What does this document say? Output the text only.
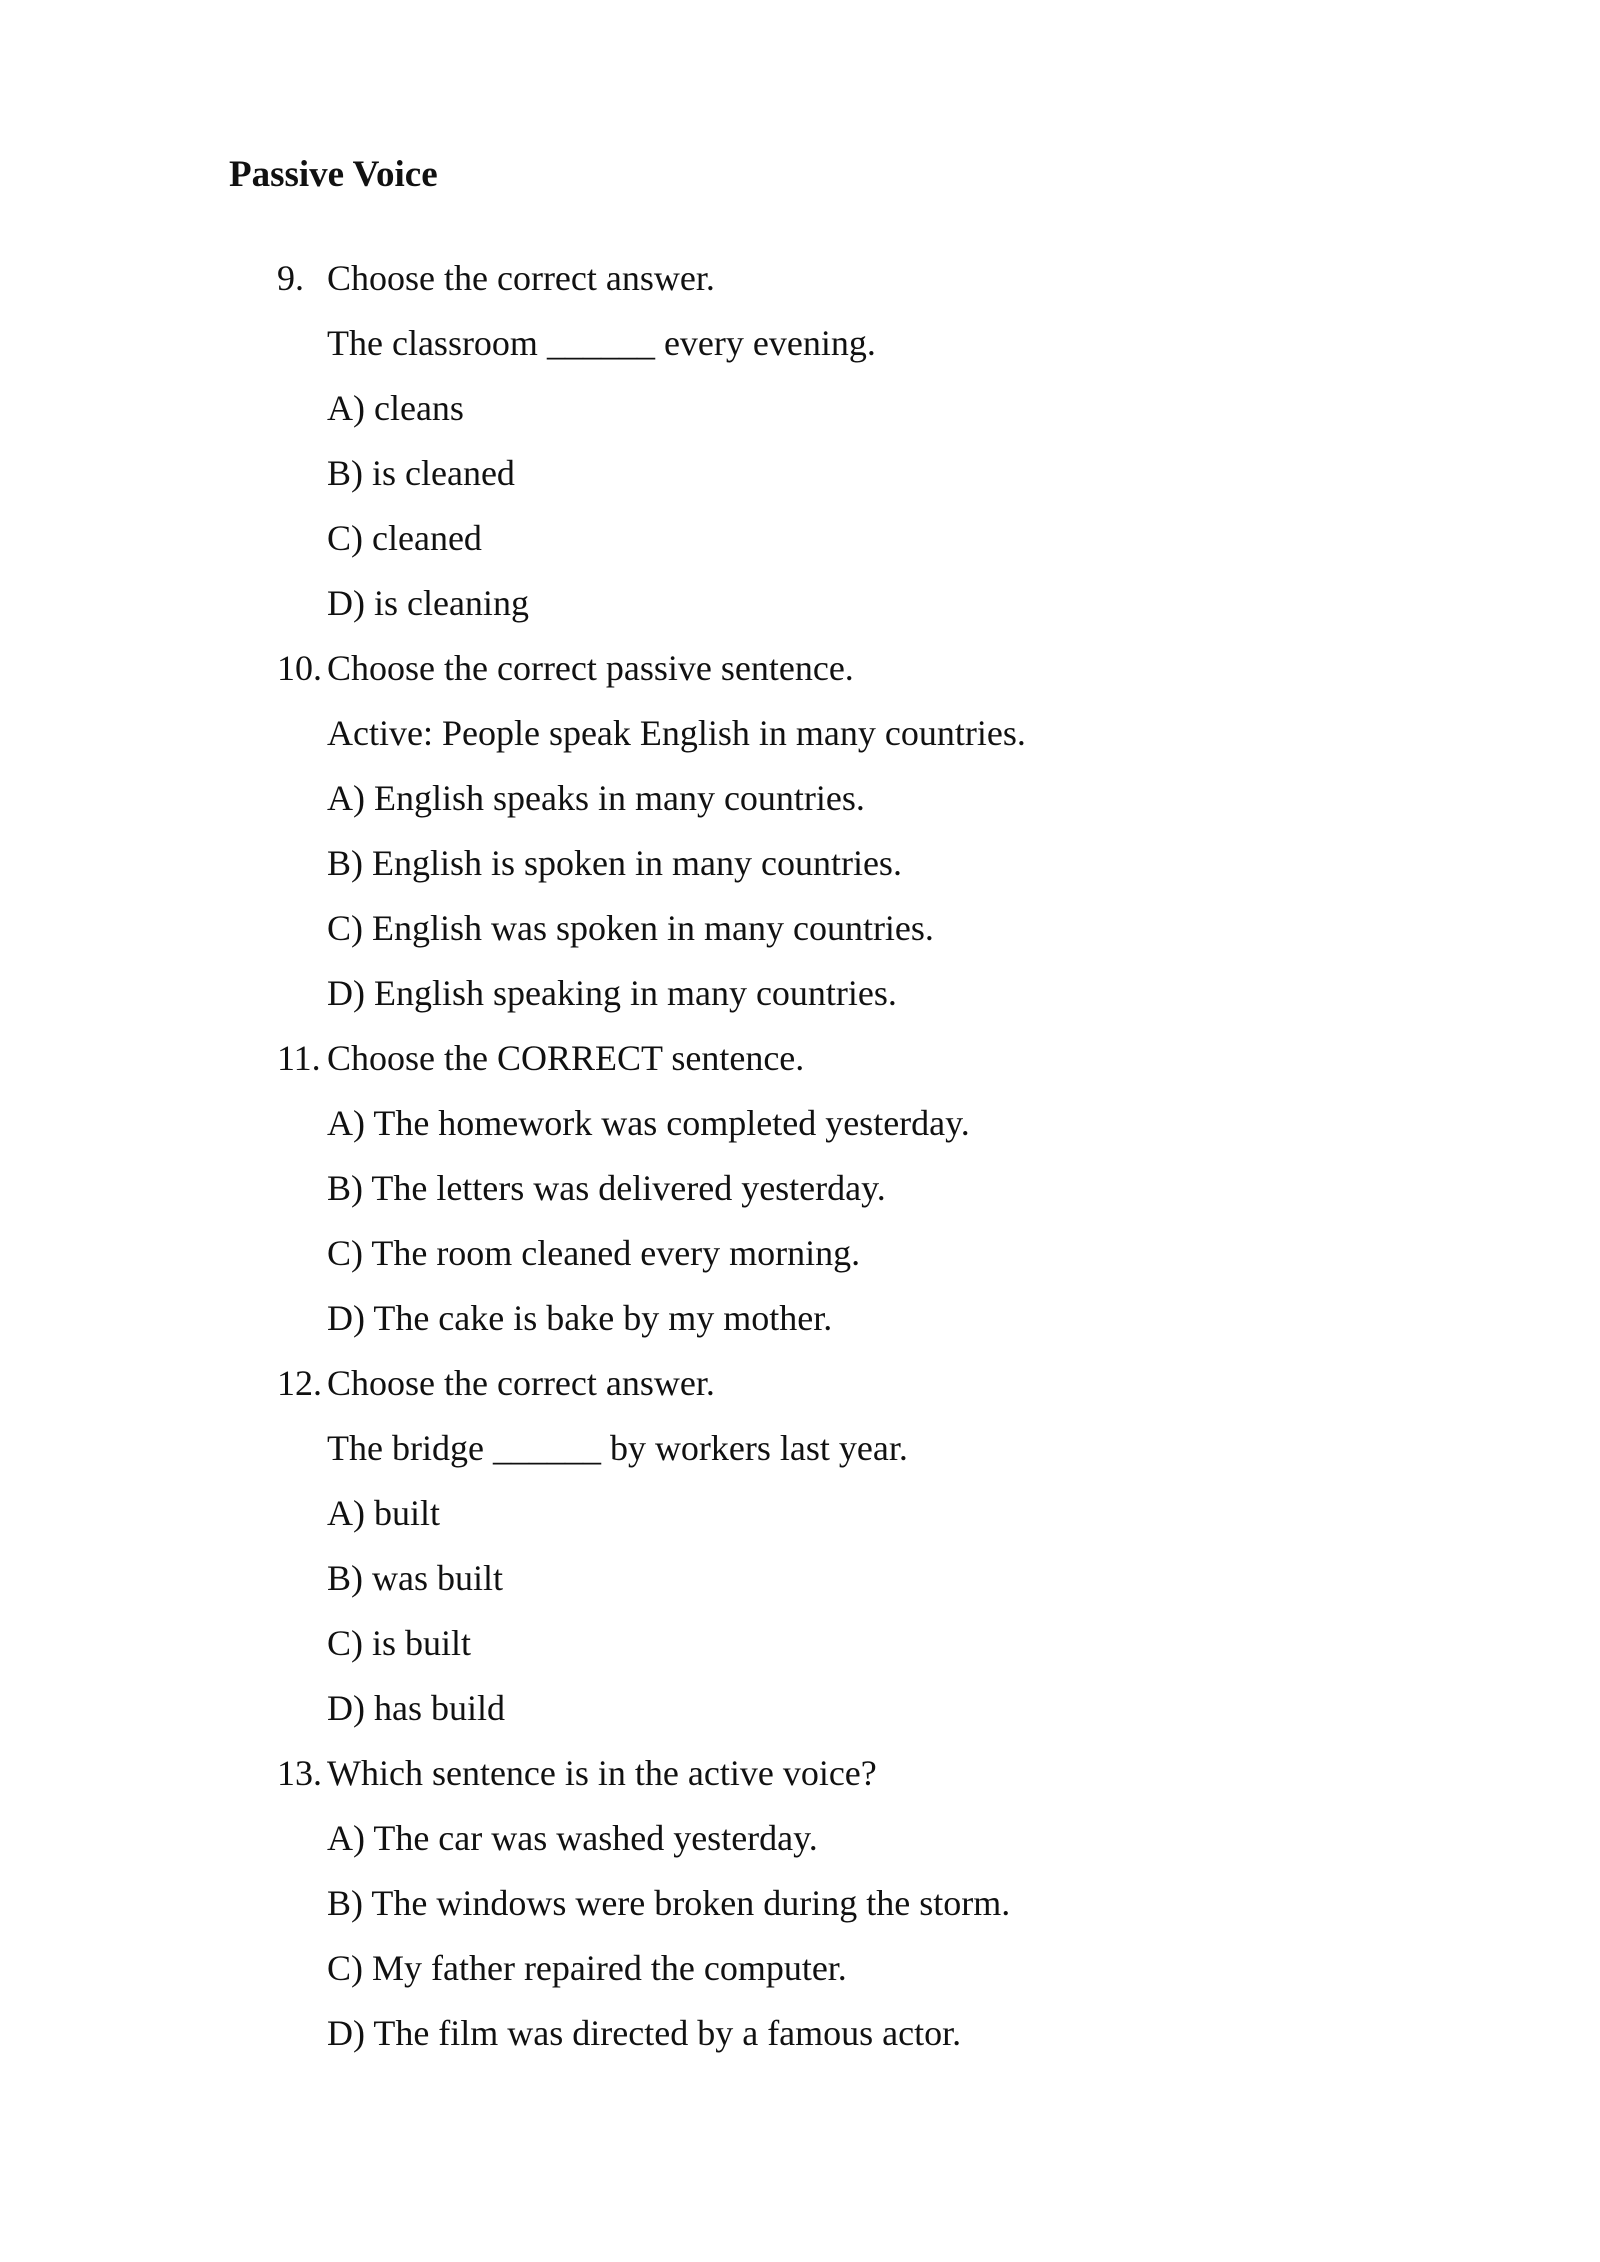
Passive Voice
9. Choose the correct answer.
The classroom ______ every evening.
A) cleans
B) is cleaned
C) cleaned
D) is cleaning
10. Choose the correct passive sentence.
Active: People speak English in many countries.
A) English speaks in many countries.
B) English is spoken in many countries.
C) English was spoken in many countries.
D) English speaking in many countries.
11. Choose the CORRECT sentence.
A) The homework was completed yesterday.
B) The letters was delivered yesterday.
C) The room cleaned every morning.
D) The cake is bake by my mother.
12. Choose the correct answer.
The bridge ______ by workers last year.
A) built
B) was built
C) is built
D) has build
13. Which sentence is in the active voice?
A) The car was washed yesterday.
B) The windows were broken during the storm.
C) My father repaired the computer.
D) The film was directed by a famous actor.
